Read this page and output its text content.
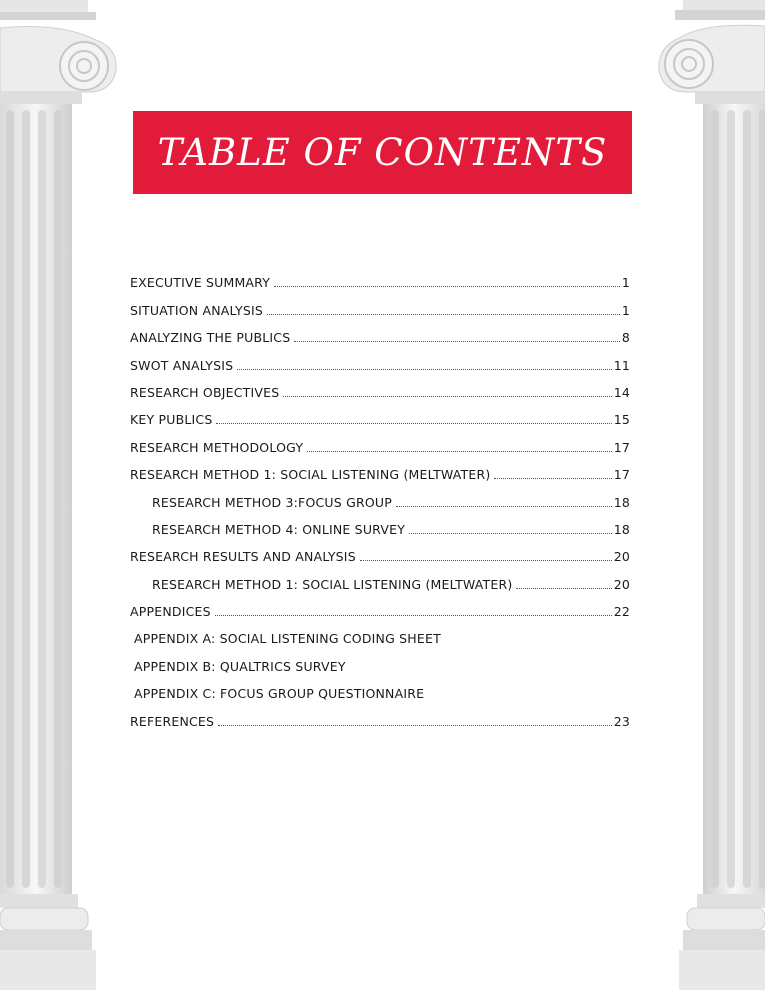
TABLE OF CONTENTS
EXECUTIVE SUMMARY	1
SITUATION ANALYSIS	1
ANALYZING THE PUBLICS	8
SWOT ANALYSIS	11
RESEARCH OBJECTIVES	14
KEY PUBLICS	15
RESEARCH METHODOLOGY	17
RESEARCH METHOD 1: SOCIAL LISTENING (MELTWATER)	17
RESEARCH METHOD 3:FOCUS GROUP	18
RESEARCH METHOD 4: ONLINE SURVEY	18
RESEARCH RESULTS AND ANALYSIS	20
RESEARCH METHOD 1: SOCIAL LISTENING (MELTWATER)	20
APPENDICES	22
APPENDIX A: SOCIAL LISTENING CODING SHEET
APPENDIX B: QUALTRICS SURVEY
APPENDIX C: FOCUS GROUP QUESTIONNAIRE
REFERENCES	23
